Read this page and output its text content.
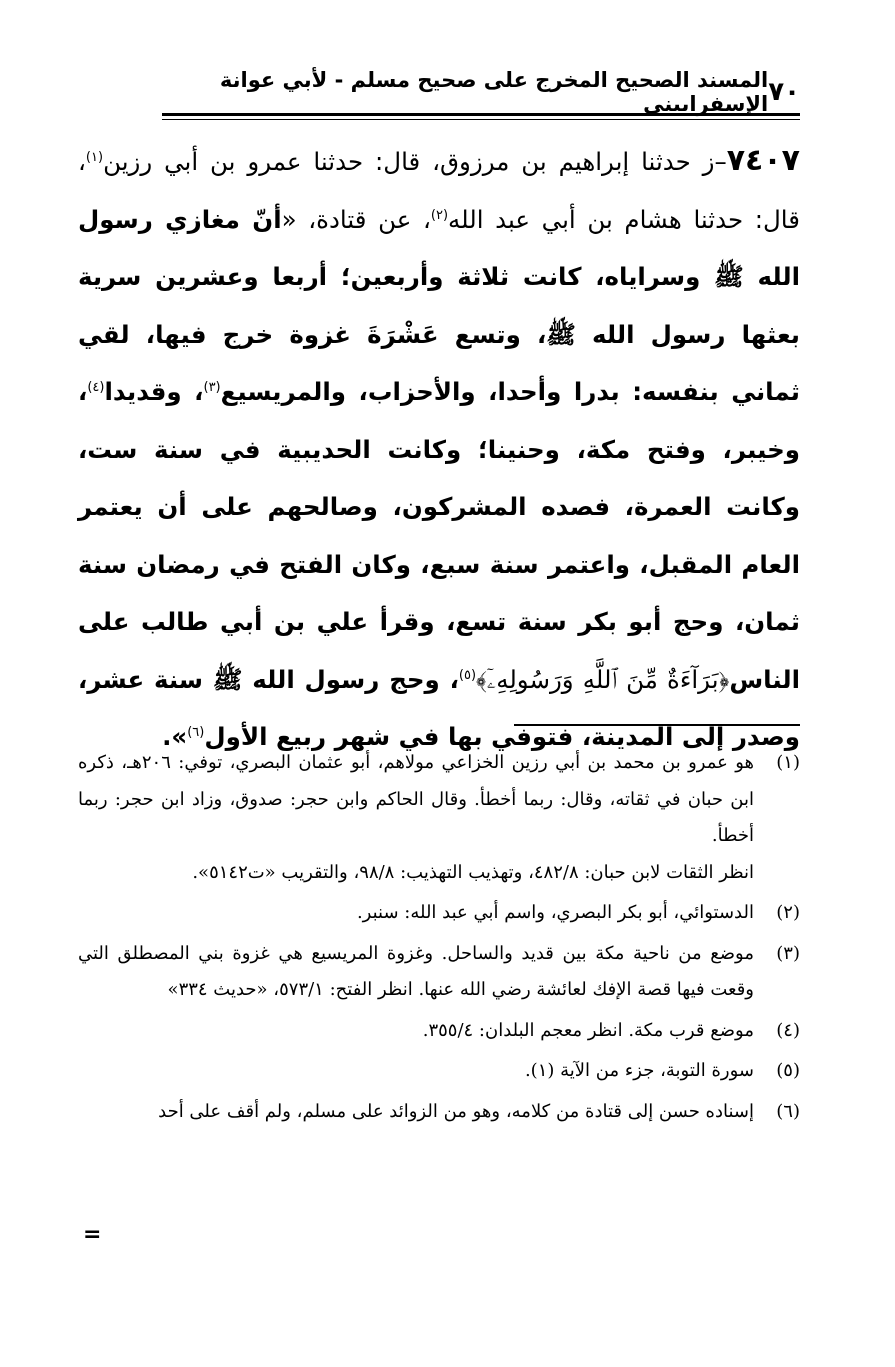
٧٠
المسند الصحيح المخرج على صحيح مسلم - لأبي عوانة الإسفراييني
٧٤٠٧–ز حدثنا إبراهيم بن مرزوق، قال: حدثنا عمرو بن أبي رزين$^{(١)}$، قال: حدثنا هشام بن أبي عبد الله$^{(٢)}$، عن قتادة، «أنّ مغازي رسول الله ﷺ وسراياه، كانت ثلاثة وأربعين؛ أربعا وعشرين سرية بعثها رسول الله ﷺ، وتسع عَشْرَةَ غزوة خرج فيها، لقي ثماني بنفسه: بدرا وأحدا، والأحزاب، والمريسيع$^{(٣)}$، وقديدا$^{(٤)}$، وخيبر، وفتح مكة، وحنينا؛ وكانت الحديبية في سنة ست، وكانت العمرة، فصده المشركون، وصالحهم على أن يعتمر العام المقبل، واعتمر سنة سبع، وكان الفتح في رمضان سنة ثمان، وحج أبو بكر سنة تسع، وقرأ علي بن أبي طالب على الناس﴿بَرَآءَةٌ مِّنَ ٱللَّهِ وَرَسُولِهِۦٓ﴾$^{(٥)}$، وحج رسول الله ﷺ سنة عشر، وصدر إلى المدينة، فتوفي بها في شهر ربيع الأول$^{(٦)}$».
(١)

هو عمرو بن محمد بن أبي رزين الخزاعي مولاهم، أبو عثمان البصري، توفي: ٢٠٦هـ، ذكره ابن حبان في ثقاته، وقال: ربما أخطأ. وقال الحاكم وابن حجر: صدوق، وزاد ابن حجر: ربما أخطأ.

انظر الثقات لابن حبان: ٤٨٢/٨، وتهذيب التهذيب: ٩٨/٨، والتقريب «ت٥١٤٢».

(٢)

الدستوائي، أبو بكر البصري، واسم أبي عبد الله: سنبر.

(٣)

موضع من ناحية مكة بين قديد والساحل. وغزوة المريسيع هي غزوة بني المصطلق التي وقعت فيها قصة الإفك لعائشة رضي الله عنها. انظر الفتح: ٥٧٣/١، «حديث ٣٣٤»

(٤)

موضع قرب مكة. انظر معجم البلدان: ٣٥٥/٤.

(٥)

سورة التوبة، جزء من الآية (١).

(٦)

إسناده حسن إلى قتادة من كلامه، وهو من الزوائد على مسلم، ولم أقف على أحد

=
